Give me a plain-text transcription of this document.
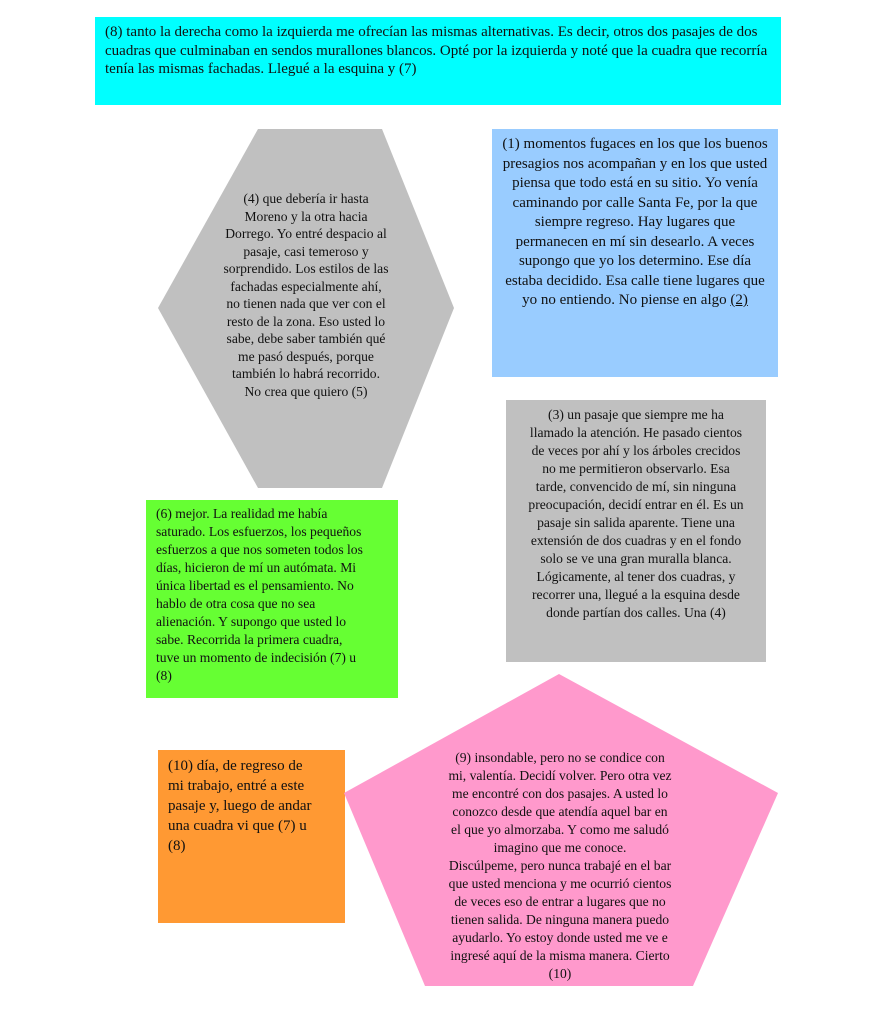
(8) tanto la derecha como la izquierda me ofrecían las mismas alternativas. Es decir, otros dos pasajes de dos cuadras que culminaban en sendos murallones blancos. Opté por la izquierda y noté que la cuadra que recorría tenía las mismas fachadas. Llegué a la esquina y (7)

(4) que debería ir hasta
Moreno y la otra hacia
Dorrego. Yo entré despacio al
pasaje, casi temeroso y
sorprendido. Los estilos de las
fachadas especialmente ahí,
no tienen nada que ver con el
resto de la zona. Eso usted lo
sabe, debe saber también qué
me pasó después, porque
también lo habrá recorrido.
No crea que quiero (5)

(1) momentos fugaces en los que los buenos presagios nos acompañan y en los que usted piensa que todo está en su sitio. Yo venía caminando por calle Santa Fe, por la que siempre regreso. Hay lugares que permanecen en mí sin desearlo. A veces supongo que yo los determino. Ese día estaba decidido. Esa calle tiene lugares que yo no entiendo. No piense en algo (2)

(3) un pasaje que siempre me ha
llamado la atención. He pasado cientos
de veces por ahí y los árboles crecidos
no me permitieron observarlo. Esa
tarde, convencido de mí, sin ninguna
preocupación, decidí entrar en él. Es un
pasaje sin salida aparente. Tiene una
extensión de dos cuadras y en el fondo
solo se ve una gran muralla blanca.
Lógicamente, al tener dos cuadras, y
recorrer una, llegué a la esquina desde
donde partían dos calles. Una (4)

(6) mejor. La realidad me había
saturado. Los esfuerzos, los pequeños
esfuerzos a que nos someten todos los
días, hicieron de mí un autómata. Mi
única libertad es el pensamiento. No
hablo de otra cosa que no sea
alienación. Y supongo que usted lo
sabe. Recorrida la primera cuadra,
tuve un momento de indecisión (7) u
(8)

(10) día, de regreso de
mi trabajo, entré a este
pasaje y, luego de andar
una cuadra vi que (7) u
(8)

(9) insondable, pero no se condice con
mi, valentía. Decidí volver. Pero otra vez
me encontré con dos pasajes. A usted lo
conozco desde que atendía aquel bar en
el que yo almorzaba. Y como me saludó
imagino que me conoce.
Discúlpeme, pero nunca trabajé en el bar
que usted menciona y me ocurrió cientos
de veces eso de entrar a lugares que no
tienen salida. De ninguna manera puedo
ayudarlo. Yo estoy donde usted me ve e
ingresé aquí de la misma manera. Cierto
(10)
